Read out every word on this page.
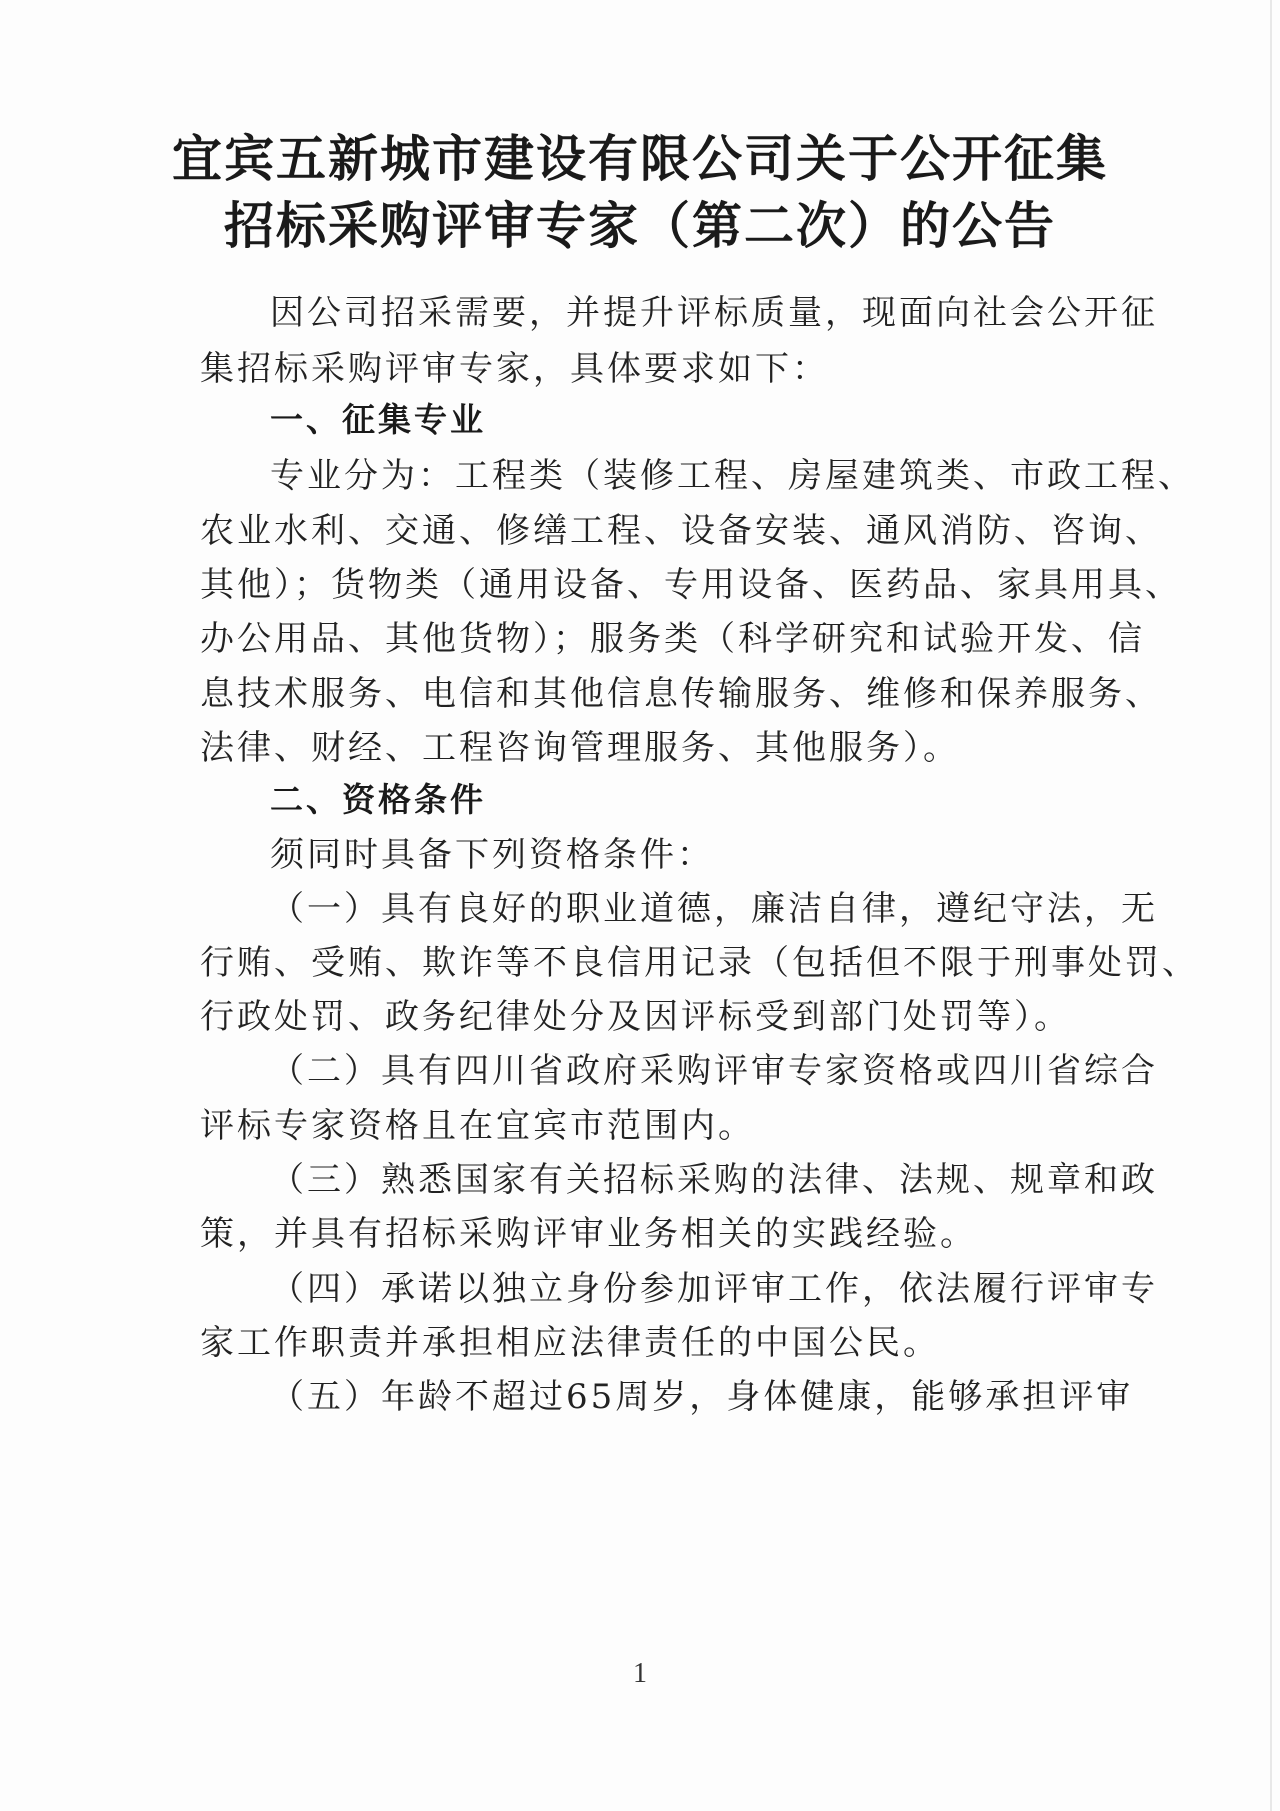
宜宾五新城市建设有限公司关于公开征集
招标采购评审专家（第二次）的公告
因公司招采需要，并提升评标质量，现面向社会公开征
集招标采购评审专家，具体要求如下：
一、征集专业
专业分为：工程类（装修工程、房屋建筑类、市政工程、
农业水利、交通、修缮工程、设备安装、通风消防、咨询、
其他）；货物类（通用设备、专用设备、医药品、家具用具、
办公用品、其他货物）；服务类（科学研究和试验开发、信
息技术服务、电信和其他信息传输服务、维修和保养服务、
法律、财经、工程咨询管理服务、其他服务）。
二、资格条件
须同时具备下列资格条件：
（一）具有良好的职业道德，廉洁自律，遵纪守法，无
行贿、受贿、欺诈等不良信用记录（包括但不限于刑事处罚、
行政处罚、政务纪律处分及因评标受到部门处罚等）。
（二）具有四川省政府采购评审专家资格或四川省综合
评标专家资格且在宜宾市范围内。
（三）熟悉国家有关招标采购的法律、法规、规章和政
策，并具有招标采购评审业务相关的实践经验。
（四）承诺以独立身份参加评审工作，依法履行评审专
家工作职责并承担相应法律责任的中国公民。
（五）年龄不超过65周岁，身体健康，能够承担评审
1
